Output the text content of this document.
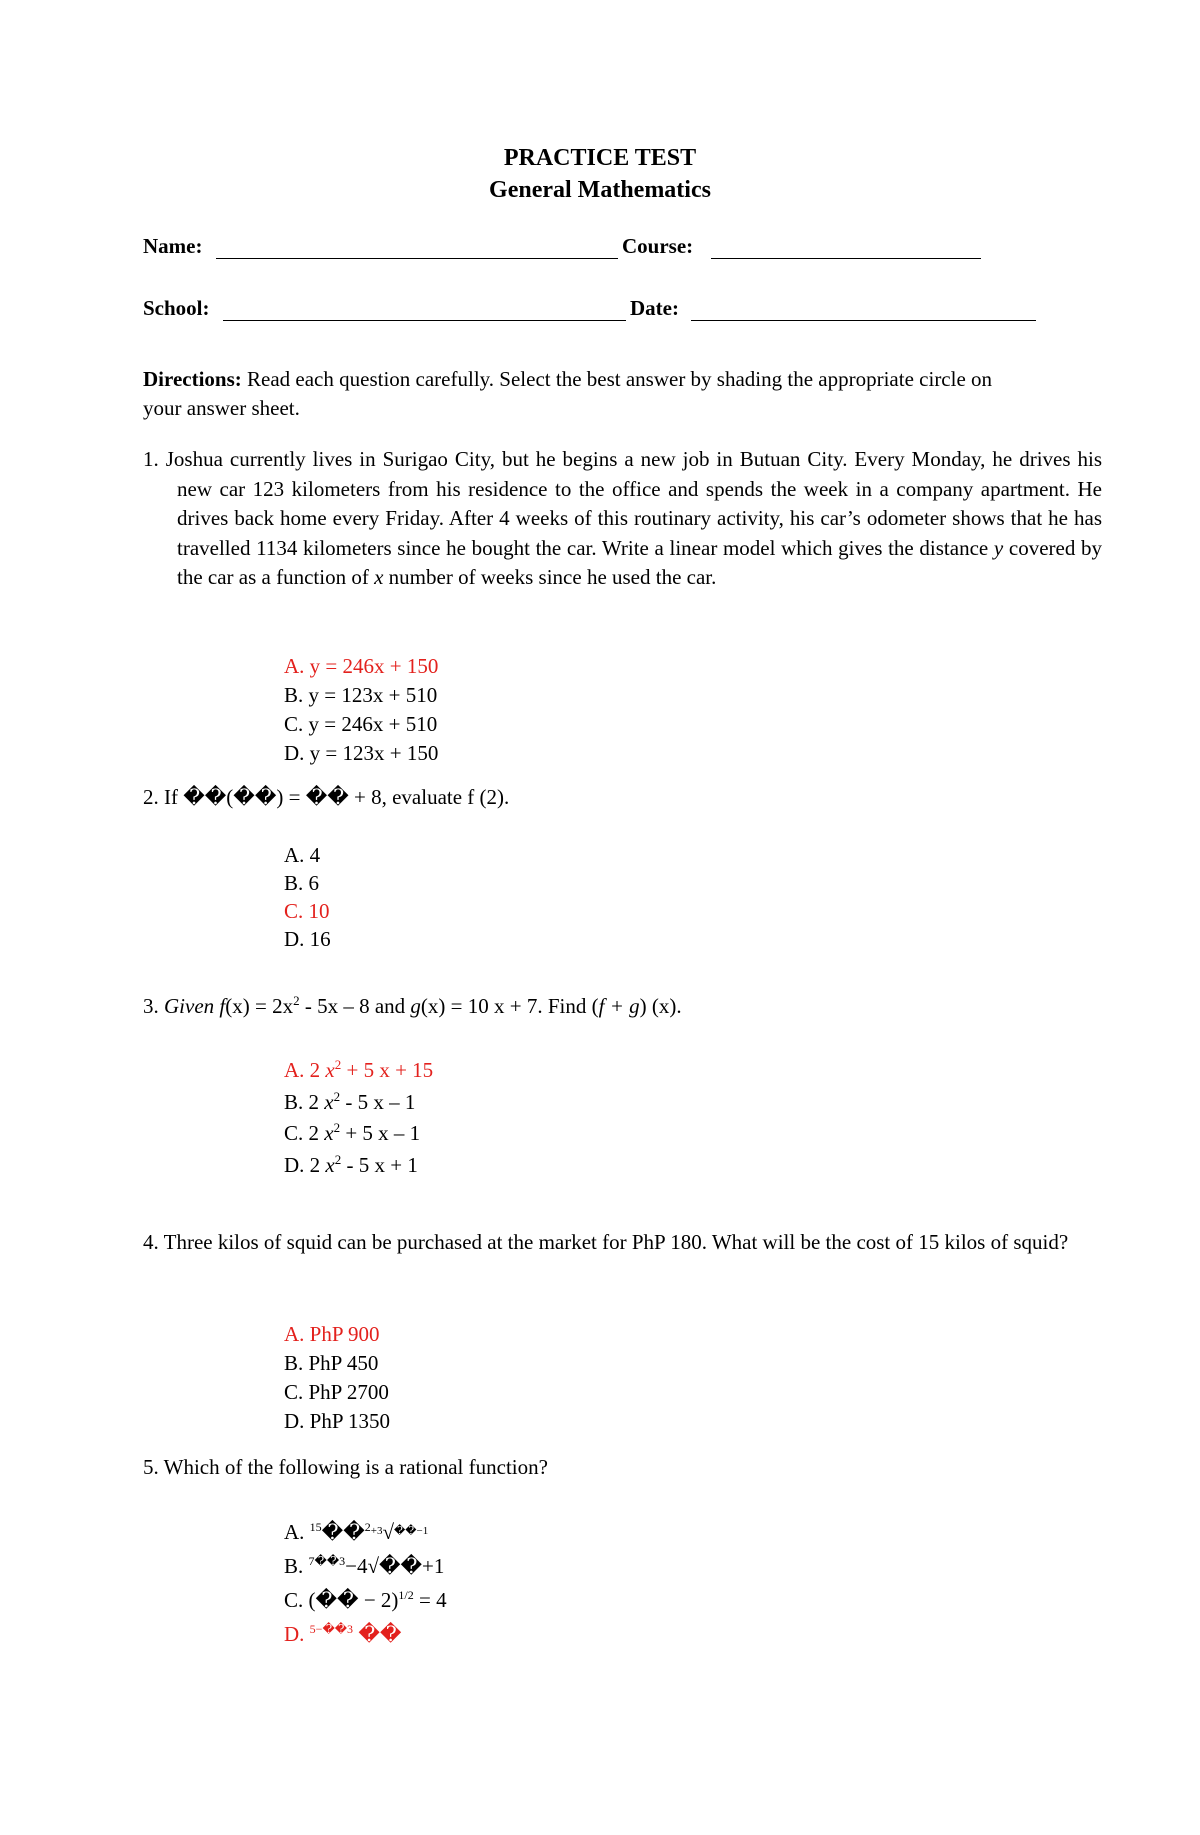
PRACTICE TEST
General Mathematics
Name:	Course:
School:	Date:
Directions: Read each question carefully. Select the best answer by shading the appropriate circle on your answer sheet.
1. Joshua currently lives in Surigao City, but he begins a new job in Butuan City. Every Monday, he drives his new car 123 kilometers from his residence to the office and spends the week in a company apartment. He drives back home every Friday. After 4 weeks of this routinary activity, his car’s odometer shows that he has travelled 1134 kilometers since he bought the car. Write a linear model which gives the distance y covered by the car as a function of x number of weeks since he used the car.
A. y = 246x + 150
B. y = 123x + 510
C. y = 246x + 510
D. y = 123x + 150
2. If ��(��) = �� + 8, evaluate f (2).
A. 4
B. 6
C. 10
D. 16
3. Given $f(x) = 2x^2 - 5x - 8$ and g(x) = 10 x + 7. Find (f + g) (x).
A. 2 $x^2 + 5$ x + 15
B. 2 $x^2 - 5$ x – 1
C. 2 $x^2 + 5$ x – 1
D. 2 $x^2 - 5$ x + 1
4. Three kilos of squid can be purchased at the market for PhP 180. What will be the cost of 15 kilos of squid?
A. PhP 900
B. PhP 450
C. PhP 2700
D. PhP 1350
5. Which of the following is a rational function?
A. $^{15}$��$^{2+3}$√$^{��-1}$
B. $^{7��3}$−4√��+1
C. (�� − 2)$^{1/2}$ = 4
D. $^{5-��3}$ ��
